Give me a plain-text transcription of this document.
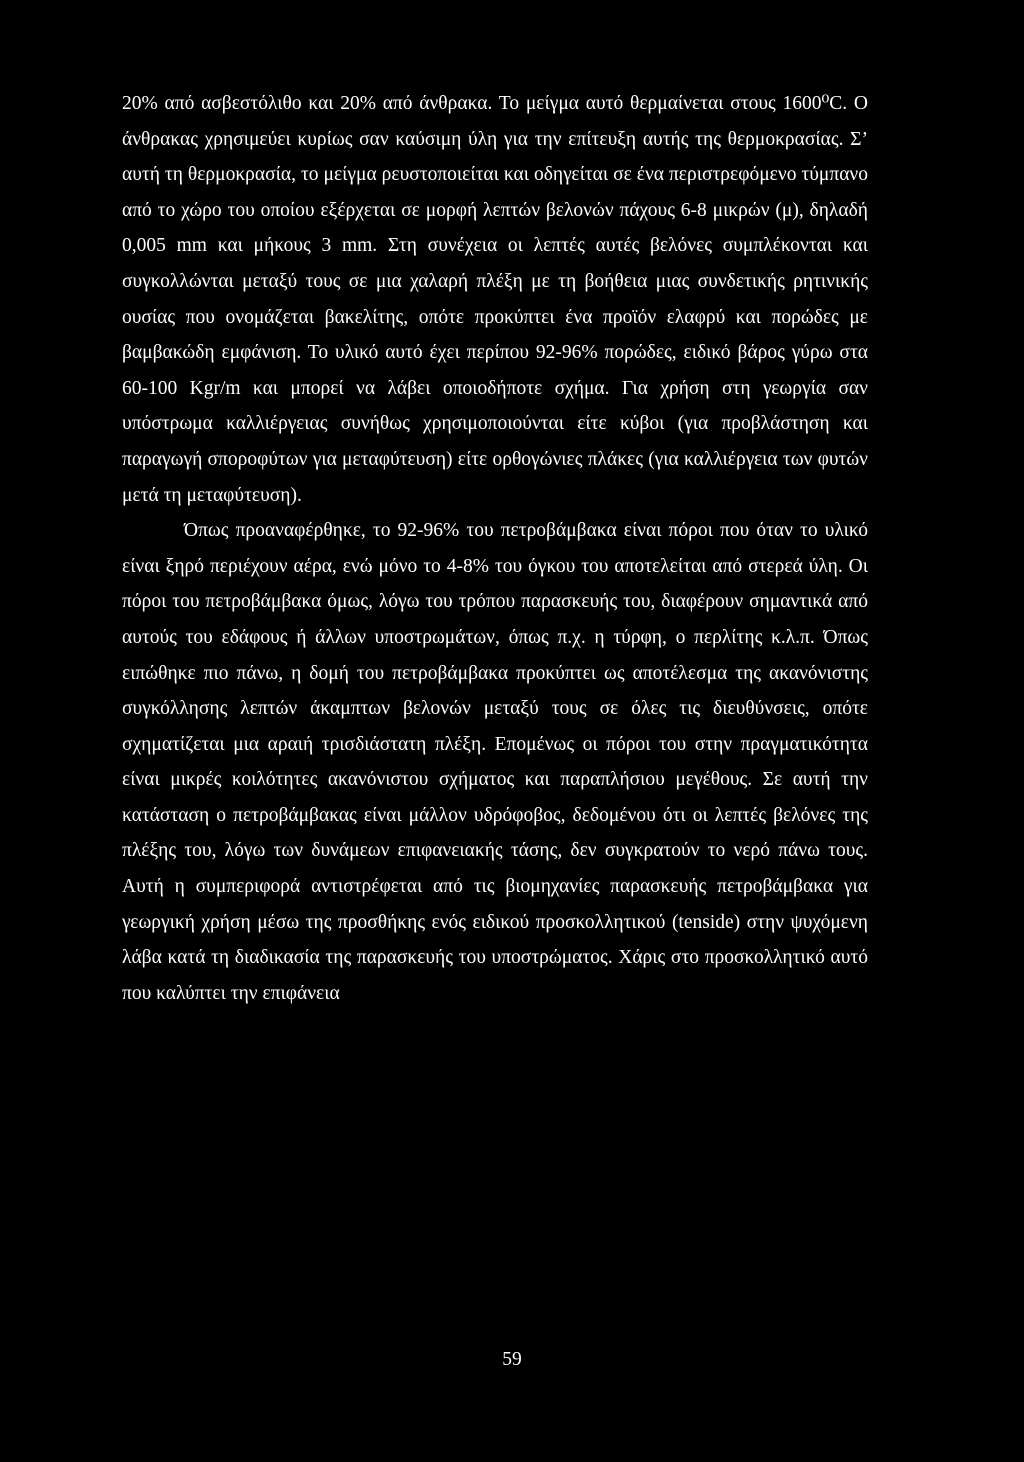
20% από ασβεστόλιθο και 20% από άνθρακα. Το μείγμα αυτό θερμαίνεται στους 1600⁰C. Ο άνθρακας χρησιμεύει κυρίως σαν καύσιμη ύλη για την επίτευξη αυτής της θερμοκρασίας. Σ’ αυτή τη θερμοκρασία, το μείγμα ρευστοποιείται και οδηγείται σε ένα περιστρεφόμενο τύμπανο από το χώρο του οποίου εξέρχεται σε μορφή λεπτών βελονών πάχους 6-8 μικρών (μ), δηλαδή 0,005 mm και μήκους 3 mm. Στη συνέχεια οι λεπτές αυτές βελόνες συμπλέκονται και συγκολλώνται μεταξύ τους σε μια χαλαρή πλέξη με τη βοήθεια μιας συνδετικής ρητινικής ουσίας που ονομάζεται βακελίτης, οπότε προκύπτει ένα προϊόν ελαφρύ και πορώδες με βαμβακώδη εμφάνιση. Το υλικό αυτό έχει περίπου 92-96% πορώδες, ειδικό βάρος γύρω στα 60-100 Kgr/m και μπορεί να λάβει οποιοδήποτε σχήμα. Για χρήση στη γεωργία σαν υπόστρωμα καλλιέργειας συνήθως χρησιμοποιούνται είτε κύβοι (για προβλάστηση και παραγωγή σποροφύτων για μεταφύτευση) είτε ορθογώνιες πλάκες (για καλλιέργεια των φυτών μετά τη μεταφύτευση).

Όπως προαναφέρθηκε, το 92-96% του πετροβάμβακα είναι πόροι που όταν το υλικό είναι ξηρό περιέχουν αέρα, ενώ μόνο το 4-8% του όγκου του αποτελείται από στερεά ύλη. Οι πόροι του πετροβάμβακα όμως, λόγω του τρόπου παρασκευής του, διαφέρουν σημαντικά από αυτούς του εδάφους ή άλλων υποστρωμάτων, όπως π.χ. η τύρφη, ο περλίτης κ.λ.π. Όπως ειπώθηκε πιο πάνω, η δομή του πετροβάμβακα προκύπτει ως αποτέλεσμα της ακανόνιστης συγκόλλησης λεπτών άκαμπτων βελονών μεταξύ τους σε όλες τις διευθύνσεις, οπότε σχηματίζεται μια αραιή τρισδιάστατη πλέξη. Επομένως οι πόροι του στην πραγματικότητα είναι μικρές κοιλότητες ακανόνιστου σχήματος και παραπλήσιου μεγέθους. Σε αυτή την κατάσταση ο πετροβάμβακας είναι μάλλον υδρόφοβος, δεδομένου ότι οι λεπτές βελόνες της πλέξης του, λόγω των δυνάμεων επιφανειακής τάσης, δεν συγκρατούν το νερό πάνω τους. Αυτή η συμπεριφορά αντιστρέφεται από τις βιομηχανίες παρασκευής πετροβάμβακα για γεωργική χρήση μέσω της προσθήκης ενός ειδικού προσκολλητικού (tenside) στην ψυχόμενη λάβα κατά τη διαδικασία της παρασκευής του υποστρώματος. Χάρις στο προσκολλητικό αυτό που καλύπτει την επιφάνεια

59
